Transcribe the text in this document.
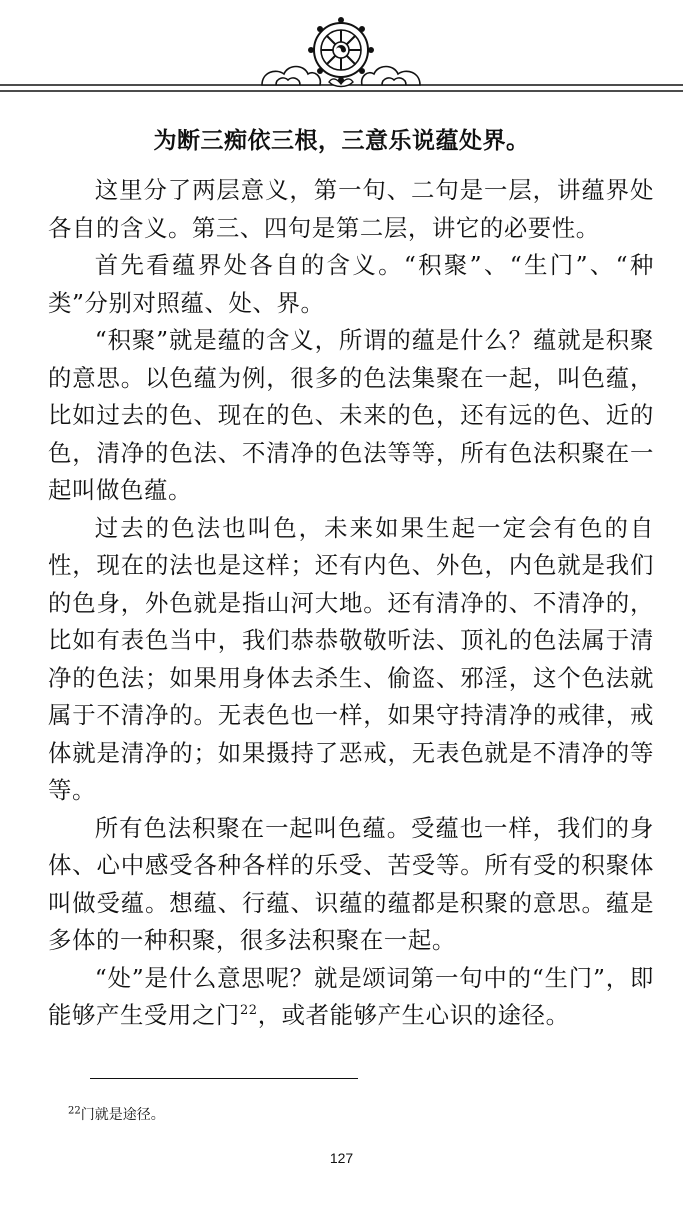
为断三痴依三根，三意乐说蕴处界。

这里分了两层意义，第一句、二句是一层，讲蕴界处各自的含义。第三、四句是第二层，讲它的必要性。

首先看蕴界处各自的含义。“积聚”、“生门”、“种类”分别对照蕴、处、界。

“积聚”就是蕴的含义，所谓的蕴是什么？蕴就是积聚的意思。以色蕴为例，很多的色法集聚在一起，叫色蕴，比如过去的色、现在的色、未来的色，还有远的色、近的色，清净的色法、不清净的色法等等，所有色法积聚在一起叫做色蕴。

过去的色法也叫色，未来如果生起一定会有色的自性，现在的法也是这样；还有内色、外色，内色就是我们的色身，外色就是指山河大地。还有清净的、不清净的，比如有表色当中，我们恭恭敬敬听法、顶礼的色法属于清净的色法；如果用身体去杀生、偷盗、邪淫，这个色法就属于不清净的。无表色也一样，如果守持清净的戒律，戒体就是清净的；如果摄持了恶戒，无表色就是不清净的等等。

所有色法积聚在一起叫色蕴。受蕴也一样，我们的身体、心中感受各种各样的乐受、苦受等。所有受的积聚体叫做受蕴。想蕴、行蕴、识蕴的蕴都是积聚的意思。蕴是多体的一种积聚，很多法积聚在一起。

“处”是什么意思呢？就是颂词第一句中的“生门”，即能够产生受用之门$^{22}$，或者能够产生心识的途径。

$^{22}$门就是途径。
127
